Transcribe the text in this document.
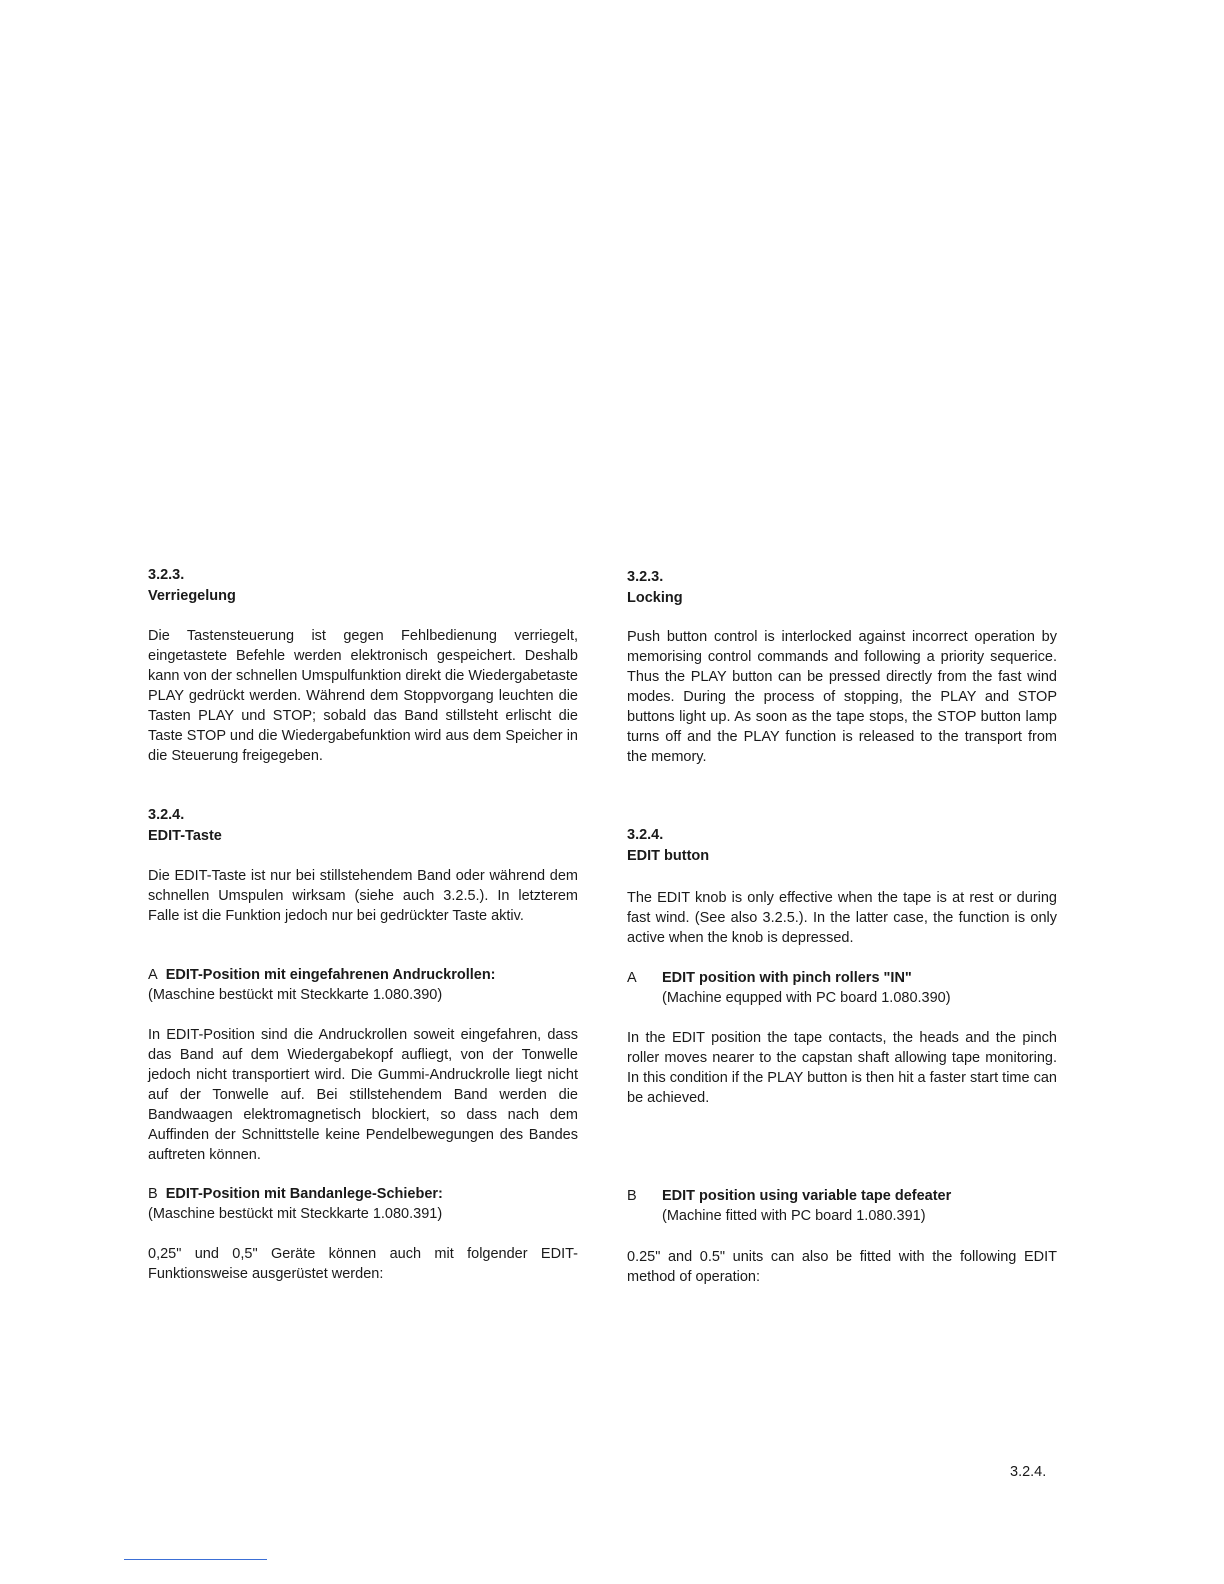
3.2.3.

Verriegelung

Die Tastensteuerung ist gegen Fehlbedienung verriegelt, eingetastete Befehle werden elektronisch gespeichert. Deshalb kann von der schnellen Umspulfunktion direkt die Wiedergabetaste PLAY gedrückt werden. Während dem Stoppvorgang leuchten die Tasten PLAY und STOP; sobald das Band stillsteht erlischt die Taste STOP und die Wiedergabefunktion wird aus dem Speicher in die Steuerung freigegeben.

3.2.4.

EDIT-Taste

Die EDIT-Taste ist nur bei stillstehendem Band oder während dem schnellen Umspulen wirksam (siehe auch 3.2.5.). In letzterem Falle ist die Funktion jedoch nur bei gedrückter Taste aktiv.

A EDIT-Position mit eingefahrenen Andruckrollen:

(Maschine bestückt mit Steckkarte 1.080.390)

In EDIT-Position sind die Andruckrollen soweit eingefahren, dass das Band auf dem Wiedergabekopf aufliegt, von der Tonwelle jedoch nicht transportiert wird. Die Gummi-Andruckrolle liegt nicht auf der Tonwelle auf. Bei stillstehendem Band werden die Bandwaagen elektromagnetisch blockiert, so dass nach dem Auffinden der Schnittstelle keine Pendelbewegungen des Bandes auftreten können.

B EDIT-Position mit Bandanlege-Schieber:

(Maschine bestückt mit Steckkarte 1.080.391)

0,25" und 0,5" Geräte können auch mit folgender EDIT-Funktionsweise ausgerüstet werden:

3.2.3.

Locking

Push button control is interlocked against incorrect operation by memorising control commands and following a priority sequerice. Thus the PLAY button can be pressed directly from the fast wind modes. During the process of stopping, the PLAY and STOP buttons light up. As soon as the tape stops, the STOP button lamp turns off and the PLAY function is released to the transport from the memory.

3.2.4.

EDIT button

The EDIT knob is only effective when the tape is at rest or during fast wind. (See also 3.2.5.). In the latter case, the function is only active when the knob is depressed.

A	EDIT position with pinch rollers "IN"
(Machine equpped with PC board 1.080.390)

In the EDIT position the tape contacts, the heads and the pinch roller moves nearer to the capstan shaft allowing tape monitoring. In this condition if the PLAY button is then hit a faster start time can be achieved.

B	EDIT position using variable tape defeater
(Machine fitted with PC board 1.080.391)

0.25" and 0.5" units can also be fitted with the following EDIT method of operation:

3.2.4.
